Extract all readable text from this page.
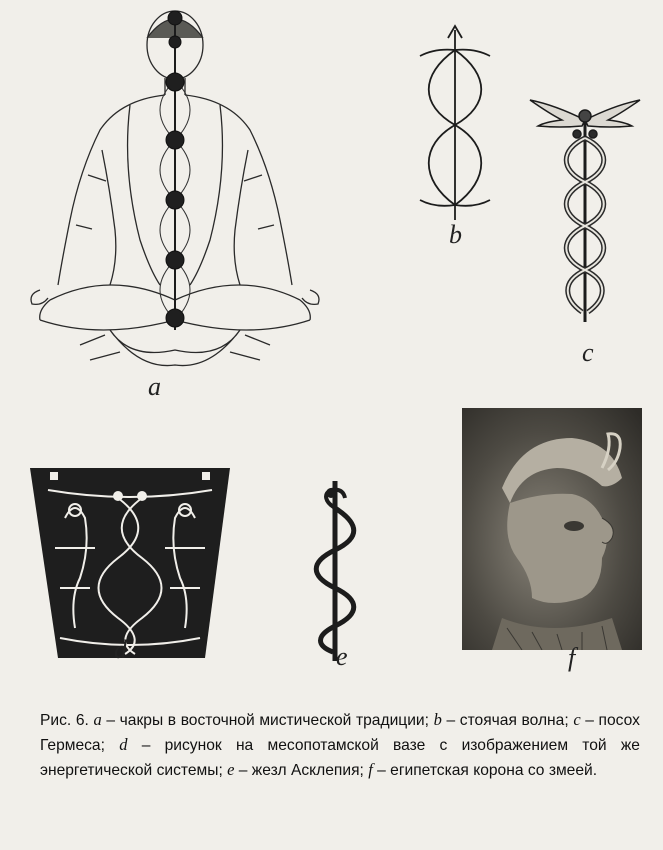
a
b
c
d	e	f
Рис. 6. a – чакры в восточной мистической традиции; b – стоячая волна; c – посох Гермеса; d – рисунок на месопотамской вазе с изображением той же энергетической системы; e – жезл Асклепия; f – египетская корона со змеей.
